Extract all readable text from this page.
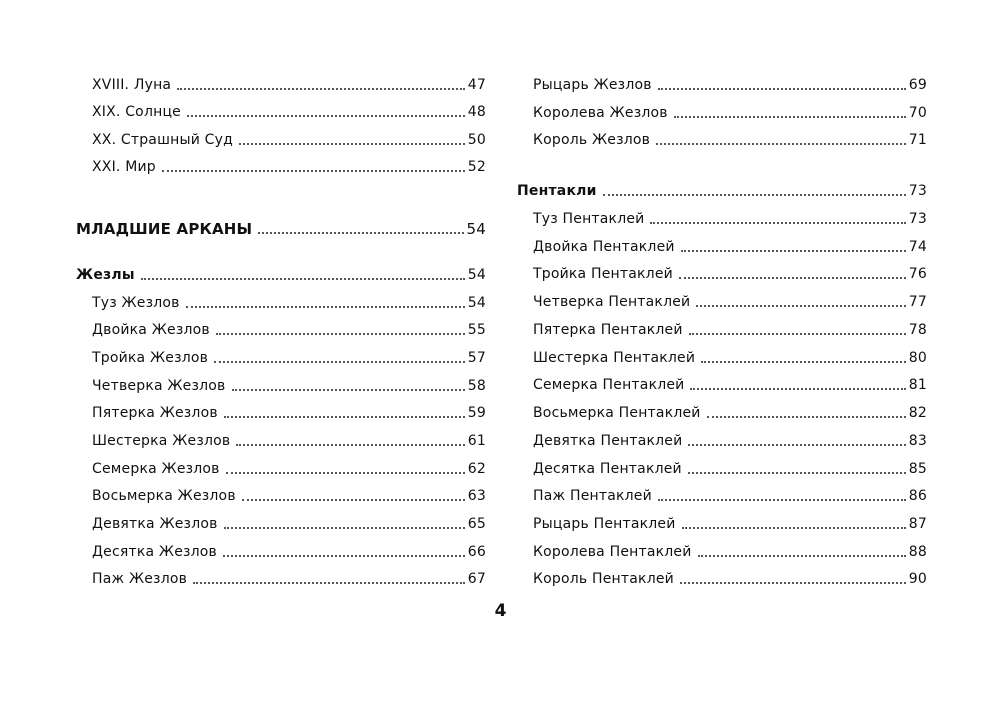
XVIII. Луна	47
XIX. Солнце	48
XX. Страшный Суд	50
XXI. Мир	52
МЛАДШИЕ АРКАНЫ	54
Жезлы	54
Туз Жезлов	54
Двойка Жезлов	55
Тройка Жезлов	57
Четверка Жезлов	58
Пятерка Жезлов	59
Шестерка Жезлов	61
Семерка Жезлов	62
Восьмерка Жезлов	63
Девятка Жезлов	65
Десятка Жезлов	66
Паж Жезлов	67
Рыцарь Жезлов	69
Королева Жезлов	70
Король Жезлов	71
Пентакли	73
Туз Пентаклей	73
Двойка Пентаклей	74
Тройка Пентаклей	76
Четверка Пентаклей	77
Пятерка Пентаклей	78
Шестерка Пентаклей	80
Семерка Пентаклей	81
Восьмерка Пентаклей	82
Девятка Пентаклей	83
Десятка Пентаклей	85
Паж Пентаклей	86
Рыцарь Пентаклей	87
Королева Пентаклей	88
Король Пентаклей	90
4
